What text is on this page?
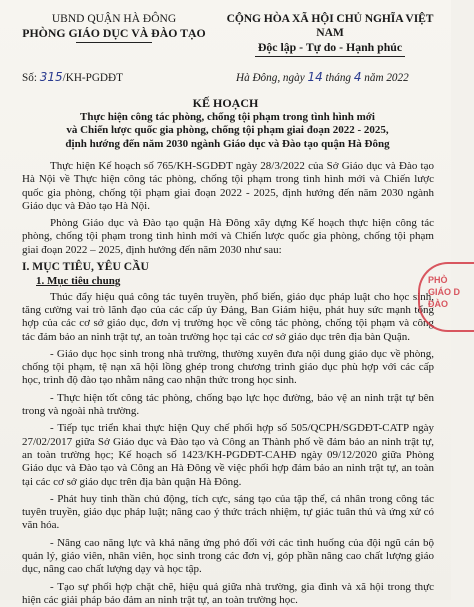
UBND QUẬN HÀ ĐÔNG
PHÒNG GIÁO DỤC VÀ ĐÀO TẠO
CỘNG HÒA XÃ HỘI CHỦ NGHĨA VIỆT NAM
Độc lập - Tự do - Hạnh phúc
Số: 315/KH-PGDĐT	Hà Đông, ngày 14 tháng 4 năm 2022
KẾ HOẠCH
Thực hiện công tác phòng, chống tội phạm trong tình hình mới
và Chiến lược quốc gia phòng, chống tội phạm giai đoạn 2022 - 2025,
định hướng đến năm 2030 ngành Giáo dục và Đào tạo quận Hà Đông

Thực hiện Kế hoạch số 765/KH-SGDĐT ngày 28/3/2022 của Sở Giáo dục và Đào tạo Hà Nội về Thực hiện công tác phòng, chống tội phạm trong tình hình mới và Chiến lược quốc gia phòng, chống tội phạm giai đoạn 2022 - 2025, định hướng đến năm 2030 ngành Giáo dục và Đào tạo Hà Nội.

Phòng Giáo dục và Đào tạo quận Hà Đông xây dựng Kế hoạch thực hiện công tác phòng, chống tội phạm trong tình hình mới và Chiến lược quốc gia phòng, chống tội phạm giai đoạn 2022 – 2025, định hướng đến năm 2030 như sau:

I. MỤC TIÊU, YÊU CẦU
1. Mục tiêu chung

Thúc đẩy hiệu quả công tác tuyên truyền, phổ biến, giáo dục pháp luật cho học sinh, tăng cường vai trò lãnh đạo của các cấp ủy Đảng, Ban Giám hiệu, phát huy sức mạnh tổng hợp của các cơ sở giáo dục, đơn vị trường học về công tác phòng, chống tội phạm và công tác đảm bảo an ninh trật tự, an toàn trường học tại các cơ sở giáo dục trên địa bàn Quận.

- Giáo dục học sinh trong nhà trường, thường xuyên đưa nội dung giáo dục về phòng, chống tội phạm, tệ nạn xã hội lồng ghép trong chương trình giáo dục phù hợp với các cấp học, trình độ đào tạo nhằm nâng cao nhận thức trong học sinh.

- Thực hiện tốt công tác phòng, chống bạo lực học đường, bảo vệ an ninh trật tự bên trong và ngoài nhà trường.

- Tiếp tục triển khai thực hiện Quy chế phối hợp số 505/QCPH/SGDĐT-CATP ngày 27/02/2017 giữa Sở Giáo dục và Đào tạo và Công an Thành phố về đảm bảo an ninh trật tự, an toàn trường học; Kế hoạch số 1423/KH-PGDĐT-CAHĐ ngày 09/12/2020 giữa Phòng Giáo dục và Đào tạo và Công an Hà Đông về việc phối hợp đảm bảo an ninh trật tự, an toàn tại các cơ sở giáo dục trên địa bàn quận Hà Đông.

- Phát huy tinh thần chủ động, tích cực, sáng tạo của tập thể, cá nhân trong công tác tuyên truyền, giáo dục pháp luật; nâng cao ý thức trách nhiệm, tự giác tuân thủ và ứng xử có văn hóa.

- Nâng cao năng lực và khả năng ứng phó đối với các tình huống của đội ngũ cán bộ quản lý, giáo viên, nhân viên, học sinh trong các đơn vị, góp phần nâng cao chất lượng giáo dục, nâng cao chất lượng dạy và học tập.

- Tạo sự phối hợp chặt chẽ, hiệu quả giữa nhà trường, gia đình và xã hội trong thực hiện các giải pháp bảo đảm an ninh trật tự, an toàn trường học.

PHÒ
GIÁO D
ĐÀO
